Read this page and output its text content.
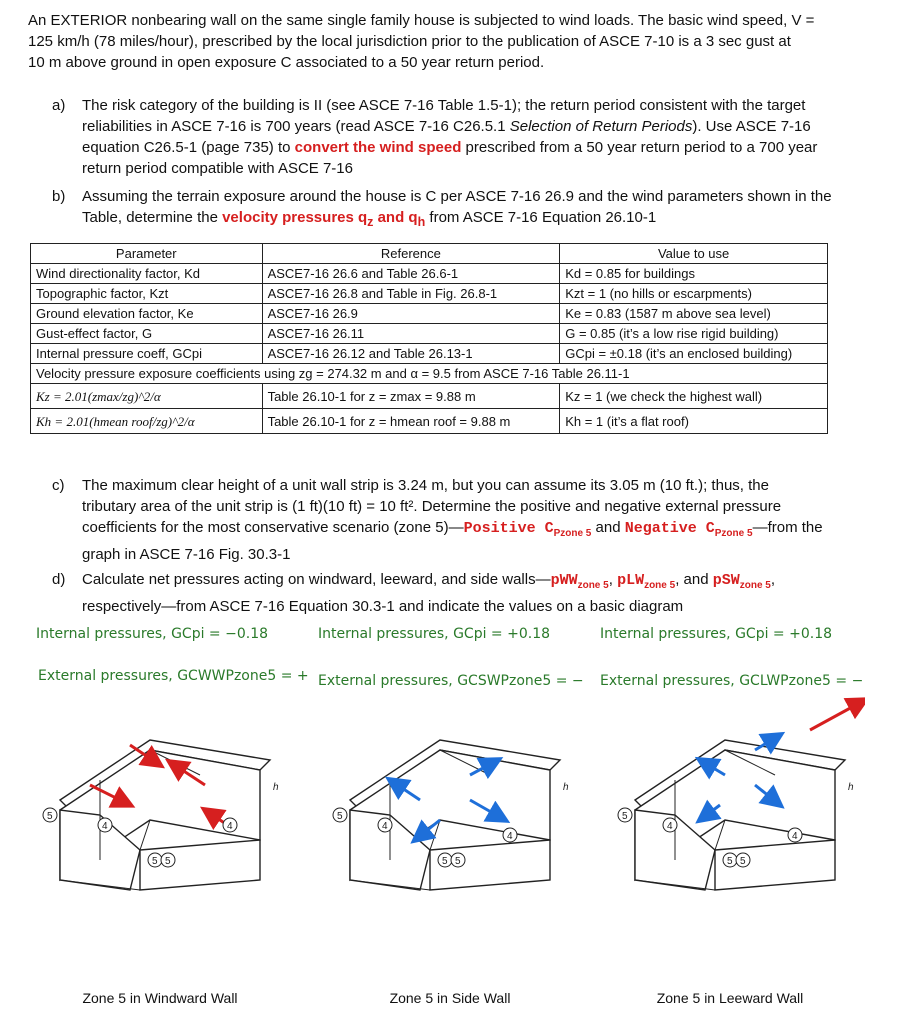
An EXTERIOR nonbearing wall on the same single family house is subjected to wind loads. The basic wind speed, V =
125 km/h (78 miles/hour), prescribed by the local jurisdiction prior to the publication of ASCE 7-10 is a 3 sec gust at
10 m above ground in open exposure C associated to a 50 year return period.
a) The risk category of the building is II (see ASCE 7-16 Table 1.5-1); the return period consistent with the target
reliabilities in ASCE 7-16 is 700 years (read ASCE 7-16 C26.5.1 Selection of Return Periods). Use ASCE 7-16
equation C26.5-1 (page 735) to convert the wind speed prescribed from a 50 year return period to a 700 year
return period compatible with ASCE 7-16
b) Assuming the terrain exposure around the house is C per ASCE 7-16 26.9 and the wind parameters shown in the
Table, determine the velocity pressures $q_z$ and $q_h$ from ASCE 7-16 Equation 26.10-1
Parameter	Reference	Value to use
Wind directionality factor, Kd	ASCE7-16 26.6 and Table 26.6-1	Kd = 0.85 for buildings
Topographic factor, Kzt	ASCE7-16 26.8 and Table in Fig. 26.8-1	Kzt = 1 (no hills or escarpments)
Ground elevation factor, Ke	ASCE7-16 26.9	Ke = 0.83 (1587 m above sea level)
Gust-effect factor, G	ASCE7-16 26.11	G = 0.85 (it’s a low rise rigid building)
Internal pressure coeff, GCpi	ASCE7-16 26.12 and Table 26.13-1	GCpi = ±0.18 (it’s an enclosed building)
Velocity pressure exposure coefficients using zg = 274.32 m and α = 9.5 from ASCE 7-16 Table 26.11-1		
Kz = 2.01(zmax/zg)^2/α	Table 26.10-1 for z = zmax = 9.88 m	Kz = 1 (we check the highest wall)
Kh = 2.01(hmean roof/zg)^2/α	Table 26.10-1 for z = hmean roof = 9.88 m	Kh = 1 (it’s a flat roof)
c) The maximum clear height of a unit wall strip is 3.24 m, but you can assume its 3.05 m (10 ft.); thus, the
tributary area of the unit strip is (1 ft)(10 ft) = 10 ft². Determine the positive and negative external pressure
coefficients for the most conservative scenario (zone 5)—Positive $C_{Pzone 5}$ and Negative $C_{Pzone 5}—from$ the
graph in ASCE 7-16 Fig. 30.3-1
d) Calculate net pressures acting on windward, leeward, and side walls—pWW$_{zone 5}$, pLW$_{zone 5}$, and pSW$_{zone 5}$,
respectively—from ASCE 7-16 Equation 30.3-1 and indicate the values on a basic diagram
Internal pressures, GCpi = −0.18
External pressures, GCWWPzone5 = +
Internal pressures, GCpi = +0.18
External pressures, GCSWPzone5 = −
Internal pressures, GCpi = +0.18
External pressures, GCLWPzone5 = −
5
4	4
5 5
h
Zone 5 in Windward Wall
5
4
4
5 5
h
Zone 5 in Side Wall
5
4
4
5 5
h
Zone 5 in Leeward Wall
